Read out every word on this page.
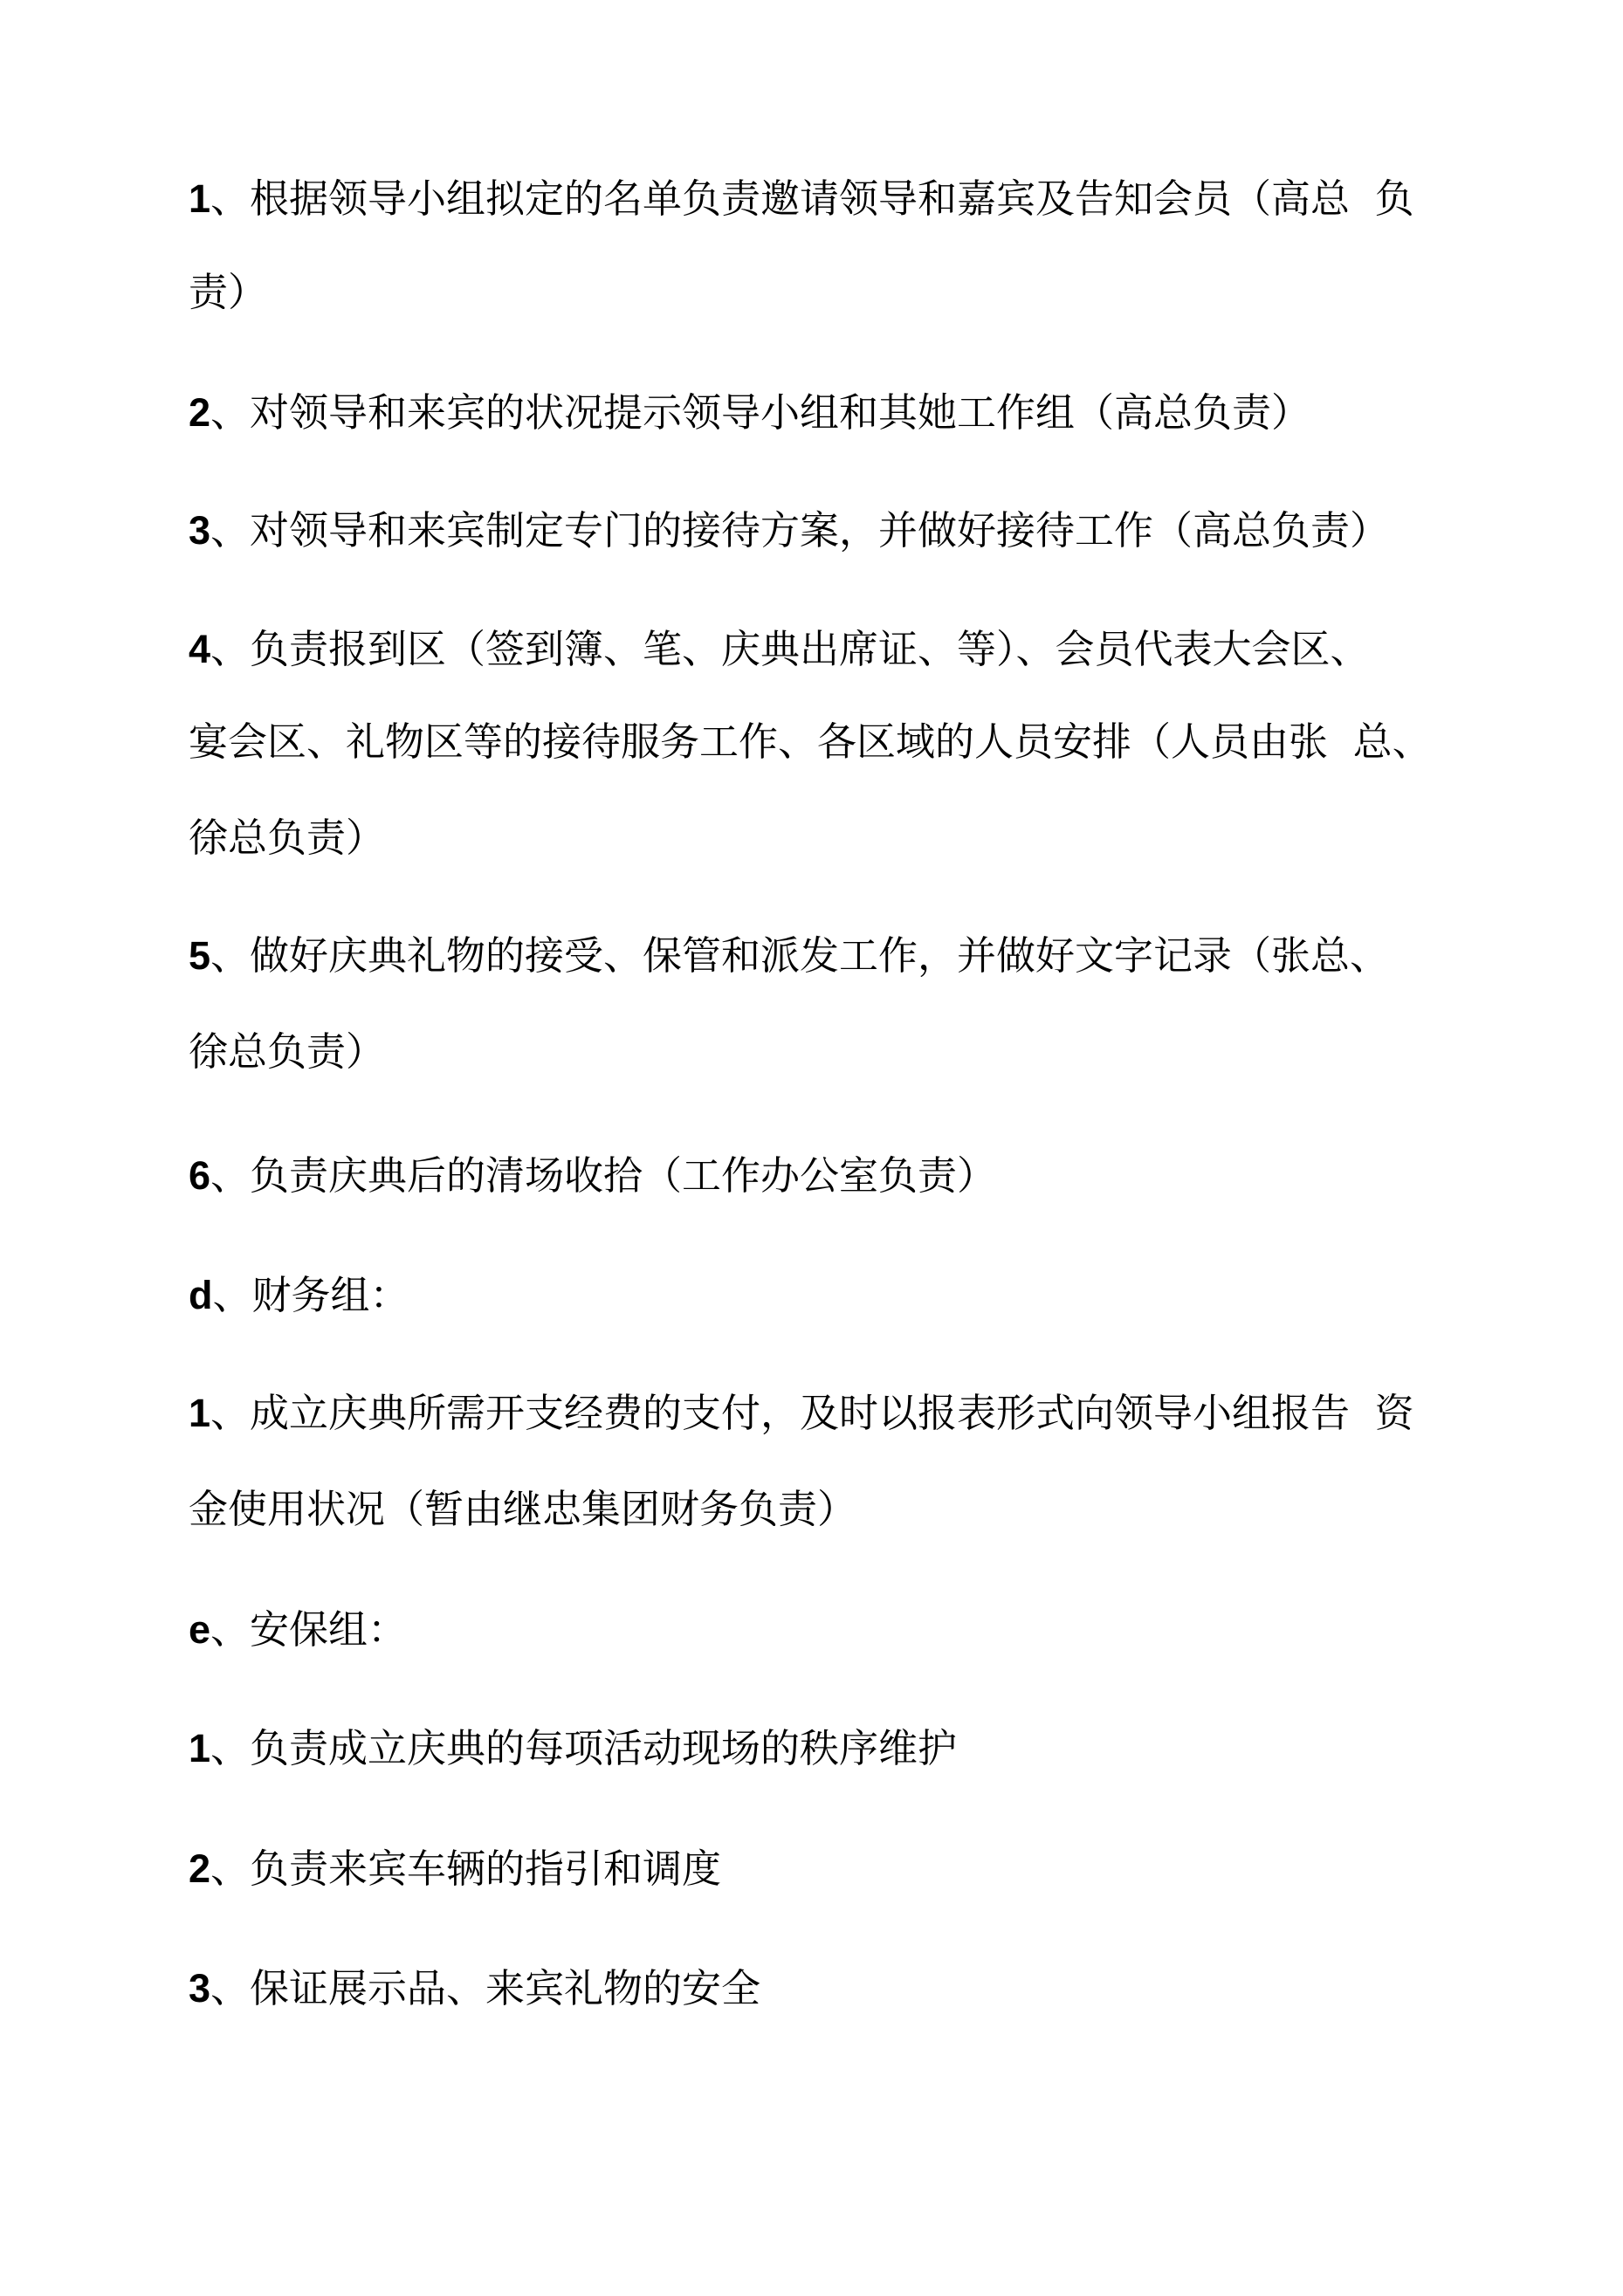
1、根据领导小组拟定的名单负责邀请领导和嘉宾及告知会员（高总  负
责）
2、对领导和来宾的状况提示领导小组和其她工作组（高总负责）
3、对领导和来宾制定专门的接待方案，并做好接待工作（高总负责）
4、负责报到区（签到簿、笔、庆典出席证、等）、会员代表大会区、
宴会区、礼物区等的接待服务工作、各区域的人员安排（人员由张  总、
徐总负责）
5、做好庆典礼物的接受、保管和派发工作，并做好文字记录（张总、
徐总负责）
6、负责庆典后的清场收拾（工作办公室负责）
d、财务组：
1、成立庆典所需开支经费的支付，及时以报表形式向领导小组报告  资
金使用状况（暂由继忠集团财务负责）
e、安保组：
1、负责成立庆典的每项活动现场的秩序维护
2、负责来宾车辆的指引和调度
3、保证展示品、来宾礼物的安全
